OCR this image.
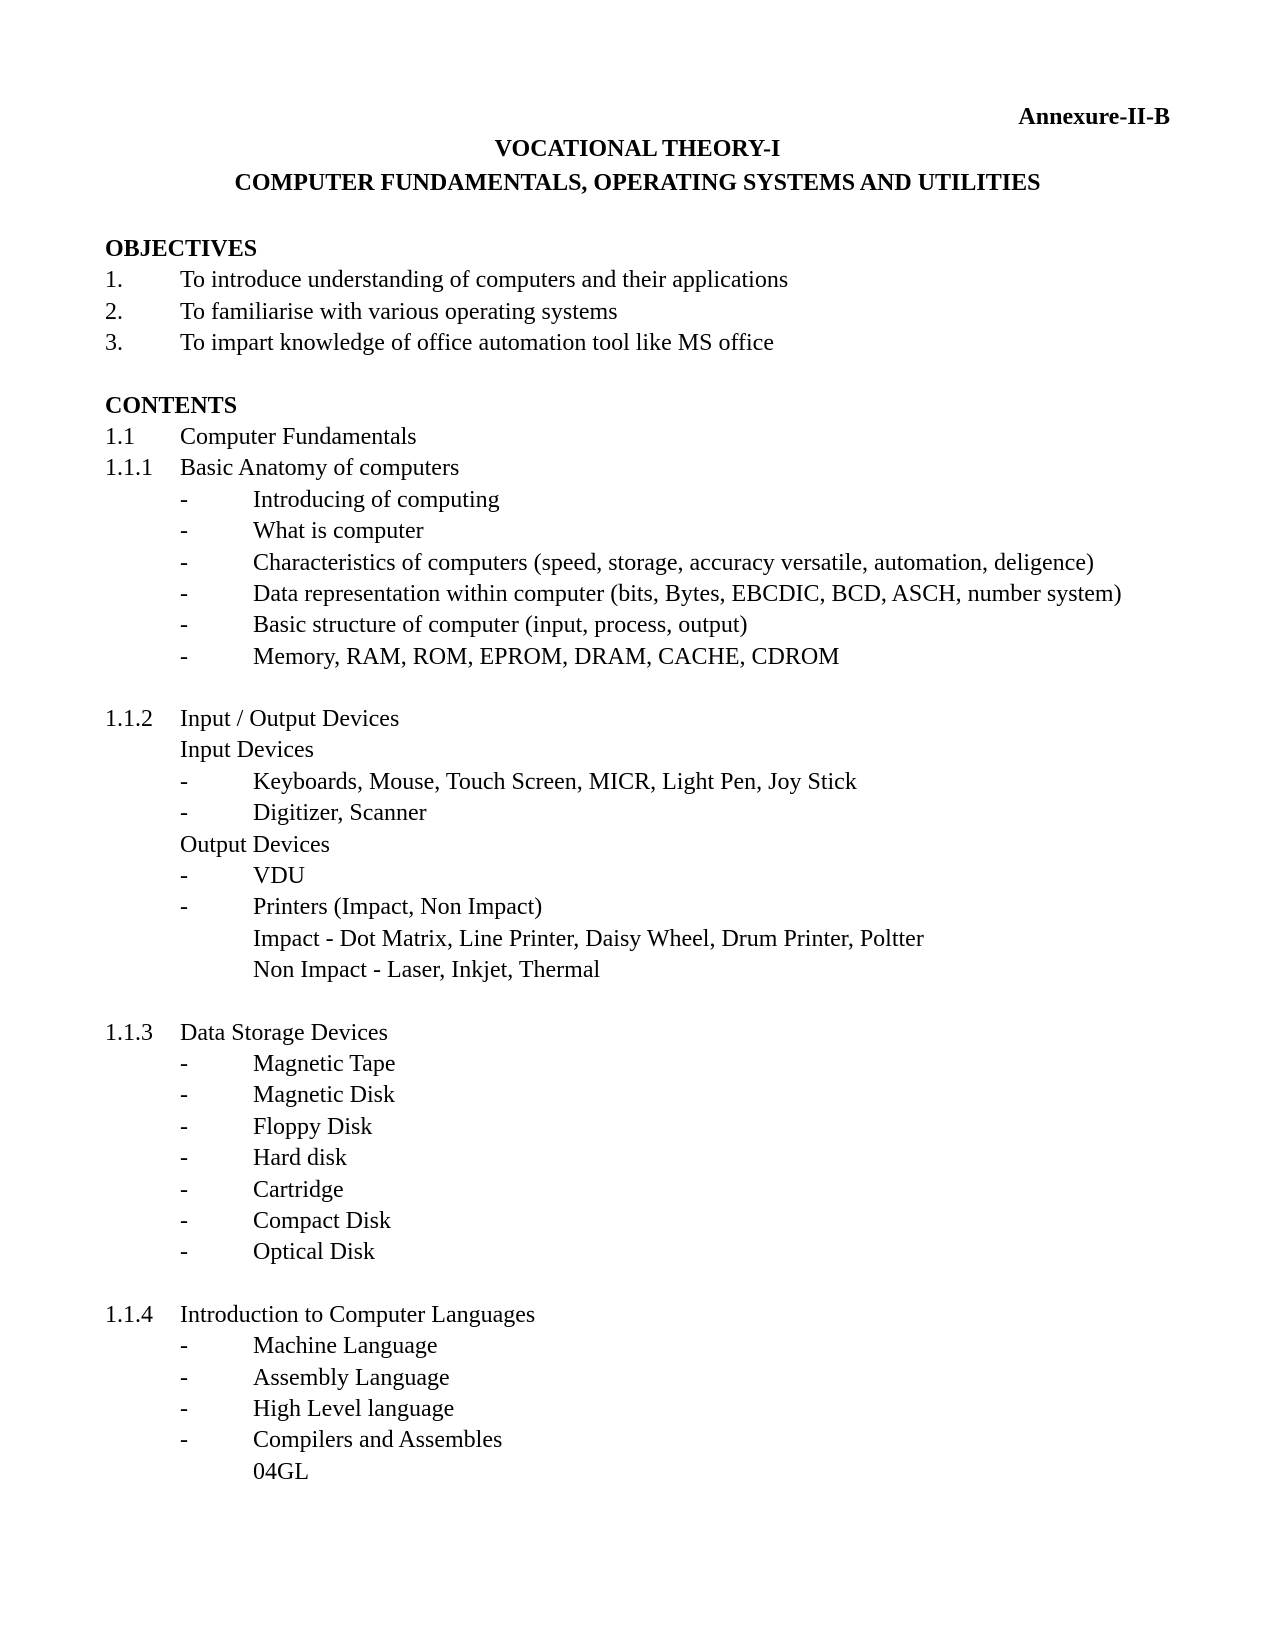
Annexure-II-B
VOCATIONAL THEORY-I
COMPUTER FUNDAMENTALS, OPERATING SYSTEMS AND UTILITIES
OBJECTIVES
1. To introduce understanding of computers and their applications
2. To familiarise with various operating systems
3. To impart knowledge of office automation tool like MS office
CONTENTS
1.1 Computer Fundamentals
1.1.1 Basic Anatomy of computers
-	Introducing of computing
-	What is computer
-	Characteristics of computers (speed, storage, accuracy versatile, automation, deligence)
-	Data representation within computer (bits, Bytes, EBCDIC, BCD, ASCH, number system)
-	Basic structure of computer (input, process, output)
-	Memory, RAM, ROM, EPROM, DRAM, CACHE, CDROM
1.1.2 Input / Output Devices
Input Devices
-	Keyboards, Mouse, Touch Screen, MICR, Light Pen, Joy Stick
-	Digitizer, Scanner
Output Devices
-	VDU
-	Printers (Impact, Non Impact)
Impact - Dot Matrix, Line Printer, Daisy Wheel, Drum Printer, Poltter
Non Impact - Laser, Inkjet, Thermal
1.1.3 Data Storage Devices
-	Magnetic Tape
-	Magnetic Disk
-	Floppy Disk
-	Hard disk
-	Cartridge
-	Compact Disk
-	Optical Disk
1.1.4 Introduction to Computer Languages
-	Machine Language
-	Assembly Language
-	High Level language
-	Compilers and Assembles
04GL
